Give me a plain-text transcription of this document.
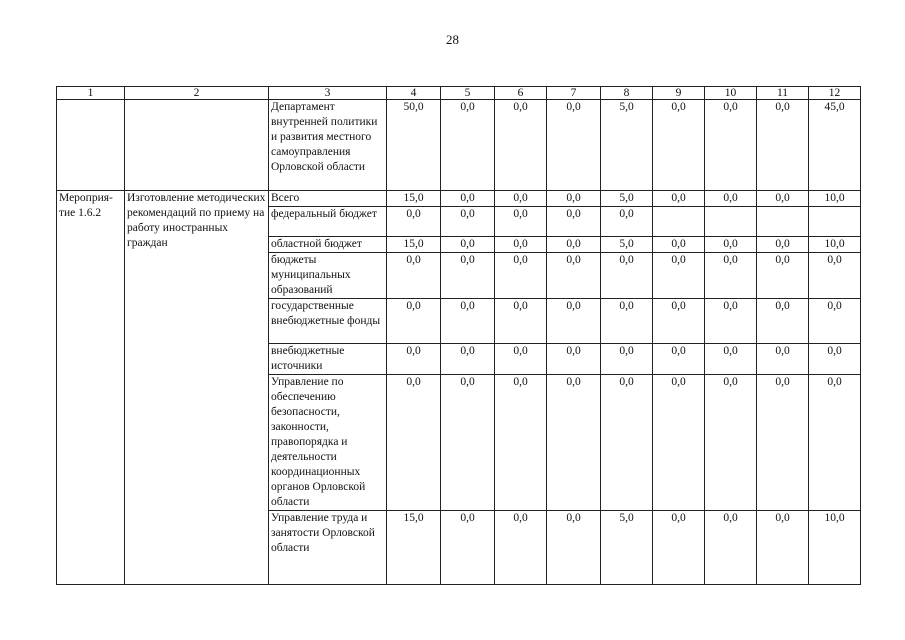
28
1	2	3	4	5	6	7	8	9	10	11	12
		Департамент внутренней политики и развития местного самоуправления Орловской области	50,0	0,0	0,0	0,0	5,0	0,0	0,0	0,0	45,0
Мероприя-тие 1.6.2	Изготовление методических рекомендаций по приему на работу иностранных граждан	Всего	15,0	0,0	0,0	0,0	5,0	0,0	0,0	0,0	10,0
		федеральный бюджет	0,0	0,0	0,0	0,0	0,0				
		областной бюджет	15,0	0,0	0,0	0,0	5,0	0,0	0,0	0,0	10,0
		бюджеты муниципальных образований	0,0	0,0	0,0	0,0	0,0	0,0	0,0	0,0	0,0
		государственные внебюджетные фонды	0,0	0,0	0,0	0,0	0,0	0,0	0,0	0,0	0,0
		внебюджетные источники	0,0	0,0	0,0	0,0	0,0	0,0	0,0	0,0	0,0
		Управление по обеспечению безопасности, законности, правопорядка и деятельности координационных органов Орловской области	0,0	0,0	0,0	0,0	0,0	0,0	0,0	0,0	0,0
		Управление труда и занятости Орловской области	15,0	0,0	0,0	0,0	5,0	0,0	0,0	0,0	10,0
